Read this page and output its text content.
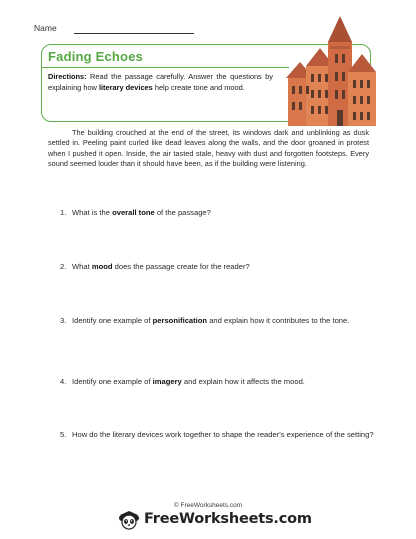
Name
Fading Echoes
Directions: Read the passage carefully. Answer the questions by explaining how literary devices help create tone and mood.

The building crouched at the end of the street, its windows dark and unblinking as dusk settled in. Peeling paint curled like dead leaves along the walls, and the door groaned in protest when I pushed it open. Inside, the air tasted stale, heavy with dust and forgotten footsteps. Every sound seemed louder than it should have been, as if the building were listening.

1. What is the overall tone of the passage?
2. What mood does the passage create for the reader?
3. Identify one example of personification and explain how it contributes to the tone.
4. Identify one example of imagery and explain how it affects the mood.
5. How do the literary devices work together to shape the reader's experience of the setting?
© FreeWorksheets.com
FreeWorksheets.com
